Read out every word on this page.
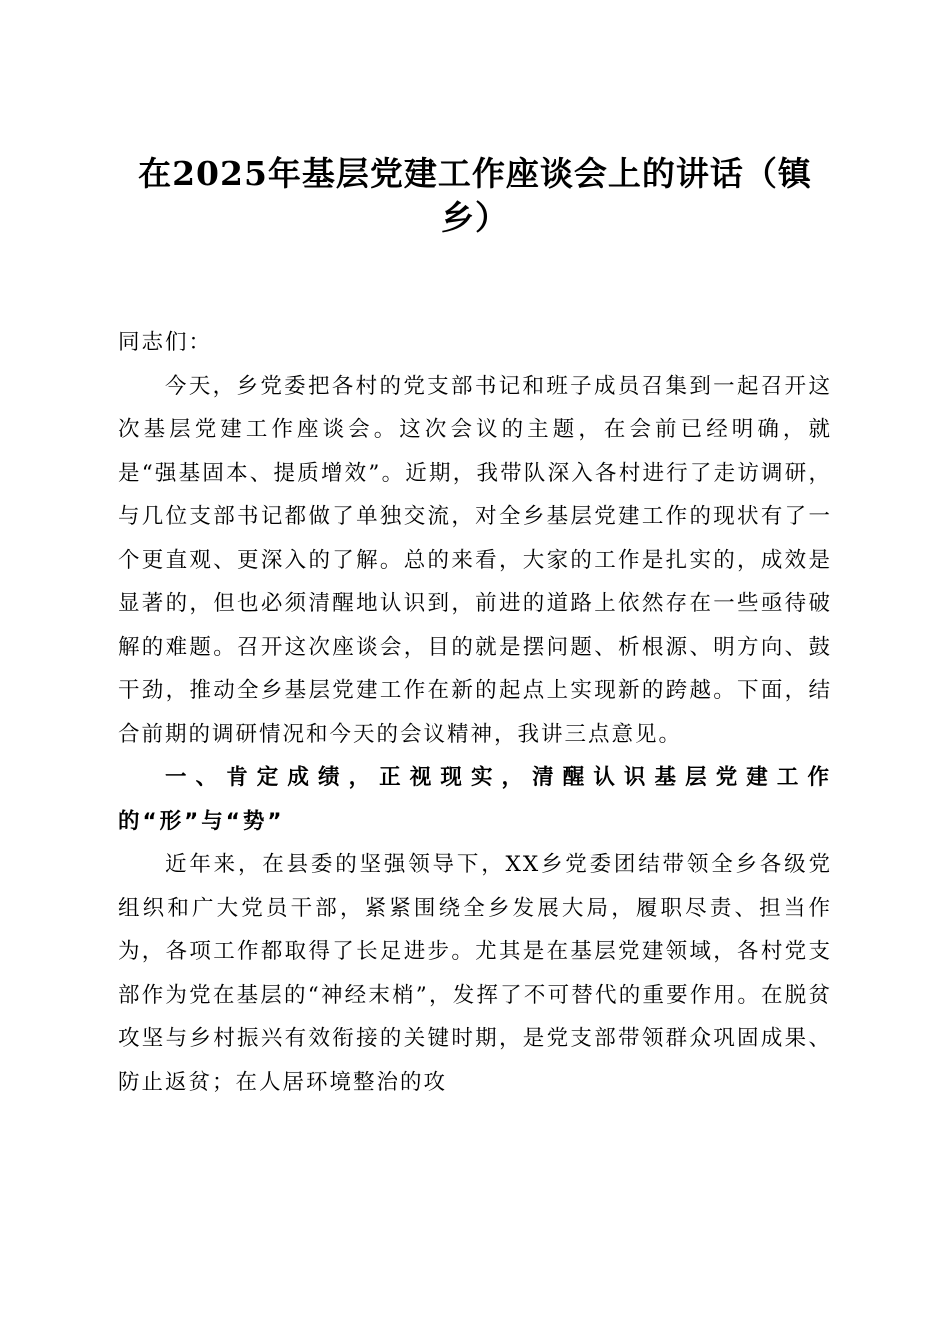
在2025年基层党建工作座谈会上的讲话（镇乡）

同志们：

今天，乡党委把各村的党支部书记和班子成员召集到一起召开这次基层党建工作座谈会。这次会议的主题，在会前已经明确，就是“强基固本、提质增效”。近期，我带队深入各村进行了走访调研，与几位支部书记都做了单独交流，对全乡基层党建工作的现状有了一个更直观、更深入的了解。总的来看，大家的工作是扎实的，成效是显著的，但也必须清醒地认识到，前进的道路上依然存在一些亟待破解的难题。召开这次座谈会，目的就是摆问题、析根源、明方向、鼓干劲，推动全乡基层党建工作在新的起点上实现新的跨越。下面，结合前期的调研情况和今天的会议精神，我讲三点意见。

一、肯定成绩，正视现实，清醒认识基层党建工作的“形”与“势”

近年来，在县委的坚强领导下，XX乡党委团结带领全乡各级党组织和广大党员干部，紧紧围绕全乡发展大局，履职尽责、担当作为，各项工作都取得了长足进步。尤其是在基层党建领域，各村党支部作为党在基层的“神经末梢”，发挥了不可替代的重要作用。在脱贫攻坚与乡村振兴有效衔接的关键时期，是党支部带领群众巩固成果、防止返贫；在人居环境整治的攻
